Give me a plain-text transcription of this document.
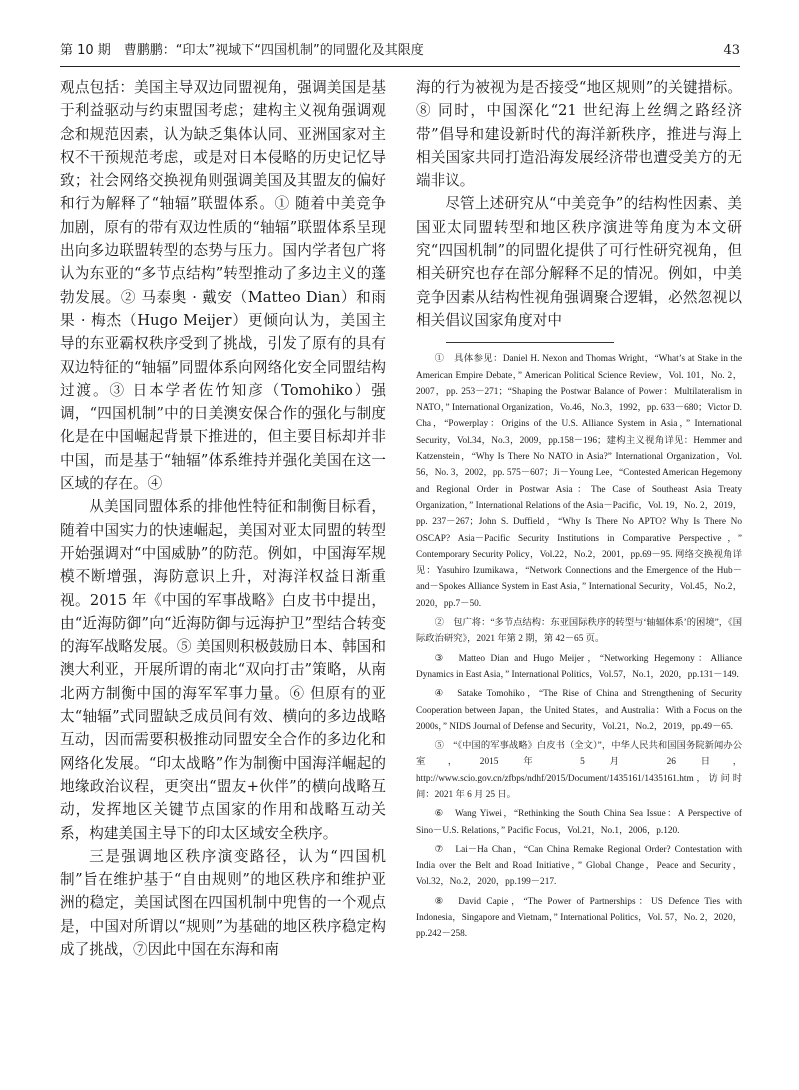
第 10 期　曹鹏鹏：“印太”视域下“四国机制”的同盟化及其限度	43

观点包括：美国主导双边同盟视角，强调美国是基于利益驱动与约束盟国考虑；建构主义视角强调观念和规范因素，认为缺乏集体认同、亚洲国家对主权不干预规范考虑，或是对日本侵略的历史记忆导致；社会网络交换视角则强调美国及其盟友的偏好和行为解释了“轴辐”联盟体系。① 随着中美竞争加剧，原有的带有双边性质的“轴辐”联盟体系呈现出向多边联盟转型的态势与压力。国内学者包广将认为东亚的“多节点结构”转型推动了多边主义的蓬勃发展。② 马泰奥 · 戴安（Matteo Dian）和雨果 · 梅杰（Hugo Meijer）更倾向认为，美国主导的东亚霸权秩序受到了挑战，引发了原有的具有双边特征的“轴辐”同盟体系向网络化安全同盟结构过渡。③ 日本学者佐竹知彦（Tomohiko）强调，“四国机制”中的日美澳安保合作的强化与制度化是在中国崛起背景下推进的，但主要目标却并非中国，而是基于“轴辐”体系维持并强化美国在这一区域的存在。④

从美国同盟体系的排他性特征和制衡目标看，随着中国实力的快速崛起，美国对亚太同盟的转型开始强调对“中国威胁”的防范。例如，中国海军规模不断增强，海防意识上升，对海洋权益日渐重视。2015 年《中国的军事战略》白皮书中提出，由“近海防御”向“近海防御与远海护卫”型结合转变的海军战略发展。⑤ 美国则积极鼓励日本、韩国和澳大利亚，开展所谓的南北“双向打击”策略，从南北两方制衡中国的海军军事力量。⑥ 但原有的亚太“轴辐”式同盟缺乏成员间有效、横向的多边战略互动，因而需要积极推动同盟安全合作的多边化和网络化发展。“印太战略”作为制衡中国海洋崛起的地缘政治议程，更突出“盟友+伙伴”的横向战略互动，发挥地区关键节点国家的作用和战略互动关系，构建美国主导下的印太区域安全秩序。

三是强调地区秩序演变路径，认为“四国机制”旨在维护基于“自由规则”的地区秩序和维护亚洲的稳定，美国试图在四国机制中兜售的一个观点是，中国对所谓以“规则”为基础的地区秩序稳定构成了挑战，⑦因此中国在东海和南

海的行为被视为是否接受“地区规则”的关键措标。⑧ 同时，中国深化“21 世纪海上丝绸之路经济带”倡导和建设新时代的海洋新秩序，推进与海上相关国家共同打造沿海发展经济带也遭受美方的无端非议。

尽管上述研究从“中美竞争”的结构性因素、美国亚太同盟转型和地区秩序演进等角度为本文研究“四国机制”的同盟化提供了可行性研究视角，但相关研究也存在部分解释不足的情况。例如，中美竞争因素从结构性视角强调聚合逻辑，必然忽视以相关倡议国家角度对中

①　具体参见：Daniel H. Nexon and Thomas Wright，“What’s at Stake in the American Empire Debate，” American Political Science Review，Vol. 101，No. 2，2007，pp. 253－271；“Shaping the Postwar Balance of Power：Multilateralism in NATO，” International Organization，Vo.46，No.3，1992，pp. 633－680；Victor D. Cha，“Powerplay：Origins of the U.S. Alliance System in Asia，” International Security，Vol.34，No.3，2009，pp.158－196；建构主义视角详见：Hemmer and Katzenstein，“Why Is There No NATO in Asia?” International Organization，Vol. 56，No. 3，2002，pp. 575－607；Ji－Young Lee，“Contested American Hegemony and Regional Order in Postwar Asia：The Case of Southeast Asia Treaty Organization，” International Relations of the Asia－Pacific，Vol. 19，No. 2，2019，pp. 237－267；John S. Duffield，“Why Is There No APTO? Why Is There No OSCAP? Asia－Pacific Security Institutions in Comparative Perspective，” Contemporary Security Policy，Vol.22，No.2，2001，pp.69－95. 网络交换视角详见：Yasuhiro Izumikawa，“Network Connections and the Emergence of the Hub－and－Spokes Alliance System in East Asia，” International Security，Vol.45，No.2，2020，pp.7－50.

②　包广将：“多节点结构：东亚国际秩序的转型与‘轴辐体系’的困境”，《国际政治研究》，2021 年第 2 期，第 42－65 页。

③　Matteo Dian and Hugo Meijer，“Networking Hegemony：Alliance Dynamics in East Asia，” International Politics，Vol.57，No.1，2020，pp.131－149.

④　Satake Tomohiko，“The Rise of China and Strengthening of Security Cooperation between Japan，the United States，and Australia：With a Focus on the 2000s，” NIDS Journal of Defense and Security，Vol.21，No.2，2019，pp.49－65.

⑤　“《中国的军事战略》白皮书（全文）”，中华人民共和国国务院新闻办公室，2015 年 5 月 26 日，http://www.scio.gov.cn/zfbps/ndhf/2015/Document/1435161/1435161.htm，访问时间：2021 年 6 月 25 日。

⑥　Wang Yiwei，“Rethinking the South China Sea Issue：A Perspective of Sino－U.S. Relations，” Pacific Focus，Vol.21，No.1，2006，p.120.

⑦　Lai－Ha Chan，“Can China Remake Regional Order? Contestation with India over the Belt and Road Initiative，” Global Change，Peace and Security，Vol.32，No.2，2020，pp.199－217.

⑧　David Capie，“The Power of Partnerships：US Defence Ties with Indonesia，Singapore and Vietnam，” International Politics，Vol. 57，No. 2，2020，pp.242－258.
